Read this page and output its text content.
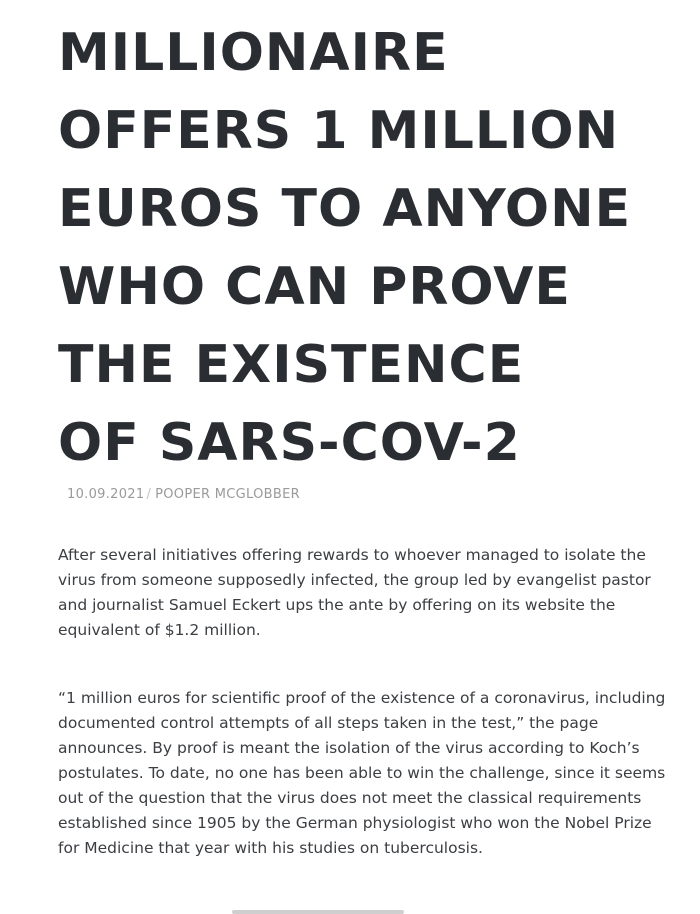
MILLIONAIRE
OFFERS 1 MILLION
EUROS TO ANYONE
WHO CAN PROVE
THE EXISTENCE
OF SARS-COV-2
10.09.2021 / POOPER MCGLOBBER

After several initiatives offering rewards to whoever managed to isolate the
virus from someone supposedly infected, the group led by evangelist pastor
and journalist Samuel Eckert ups the ante by offering on its website the
equivalent of $1.2 million.

“1 million euros for scientific proof of the existence of a coronavirus, including
documented control attempts of all steps taken in the test,” the page
announces. By proof is meant the isolation of the virus according to Koch’s
postulates. To date, no one has been able to win the challenge, since it seems
out of the question that the virus does not meet the classical requirements
established since 1905 by the German physiologist who won the Nobel Prize
for Medicine that year with his studies on tuberculosis.
